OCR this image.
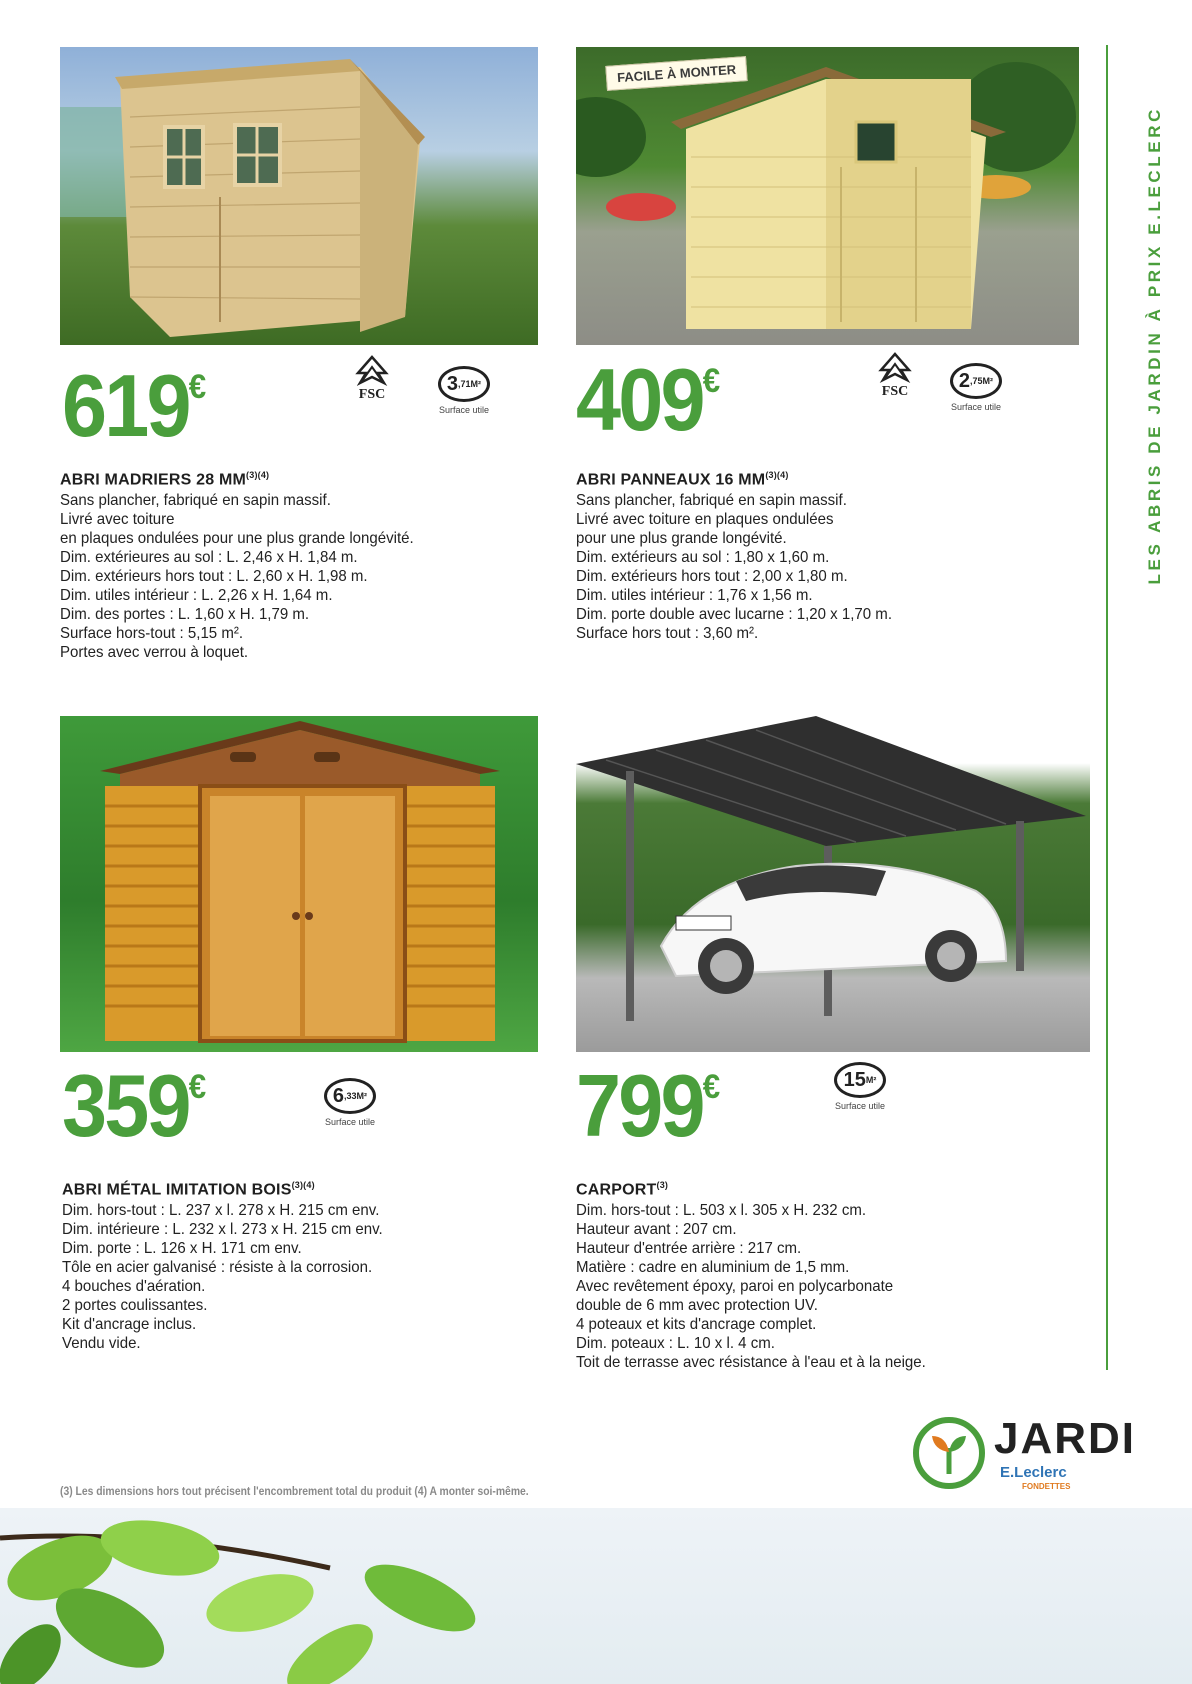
FACILE À MONTER
619€	FSC	3 ,71M²
Surface utile 409€	FSC	2 ,75M²
Surface utile
359€	6 ,33M²
Surface utile 799€	15 M²
Surface utile
ABRI MADRIERS 28 $MM^{(3)(4)}$
Sans plancher, fabriqué en sapin massif.
Livré avec toiture
en plaques ondulées pour une plus grande longévité.
Dim. extérieures au sol : L. 2,46 x H. 1,84 m.
Dim. extérieurs hors tout : L. 2,60 x H. 1,98 m.
Dim. utiles intérieur : L. 2,26 x H. 1,64 m.
Dim. des portes : L. 1,60 x H. 1,79 m.
Surface hors-tout : 5,15 m².
Portes avec verrou à loquet.
ABRI PANNEAUX 16 $MM^{(3)(4)}$
Sans plancher, fabriqué en sapin massif.
Livré avec toiture en plaques ondulées
pour une plus grande longévité.
Dim. extérieurs au sol : 1,80 x 1,60 m.
Dim. extérieurs hors tout : 2,00 x 1,80 m.
Dim. utiles intérieur : 1,76 x 1,56 m.
Dim. porte double avec lucarne : 1,20 x 1,70 m.
Surface hors tout : 3,60 m².
ABRI MÉTAL IMITATION $BOIS^{(3)(4)}$
Dim. hors-tout : L. 237 x l. 278 x H. 215 cm env.
Dim. intérieure : L. 232 x l. 273 x H. 215 cm env.
Dim. porte : L. 126 x H. 171 cm env.
Tôle en acier galvanisé : résiste à la corrosion.
4 bouches d'aération.
2 portes coulissantes.
Kit d'ancrage inclus.
Vendu vide.
CARPORT$^{(3)}$
Dim. hors-tout : L. 503 x l. 305 x H. 232 cm.
Hauteur avant : 207 cm.
Hauteur d'entrée arrière : 217 cm.
Matière : cadre en aluminium de 1,5 mm.
Avec revêtement époxy, paroi en polycarbonate
double de 6 mm avec protection UV.
4 poteaux et kits d'ancrage complet.
Dim. poteaux : L. 10 x l. 4 cm.
Toit de terrasse avec résistance à l'eau et à la neige.
LES ABRIS DE JARDIN À PRIX E.LECLERC
(3) Les dimensions hors tout précisent l'encombrement total du produit (4) A monter soi-même.
JARDI
E.Leclerc
FONDETTES
